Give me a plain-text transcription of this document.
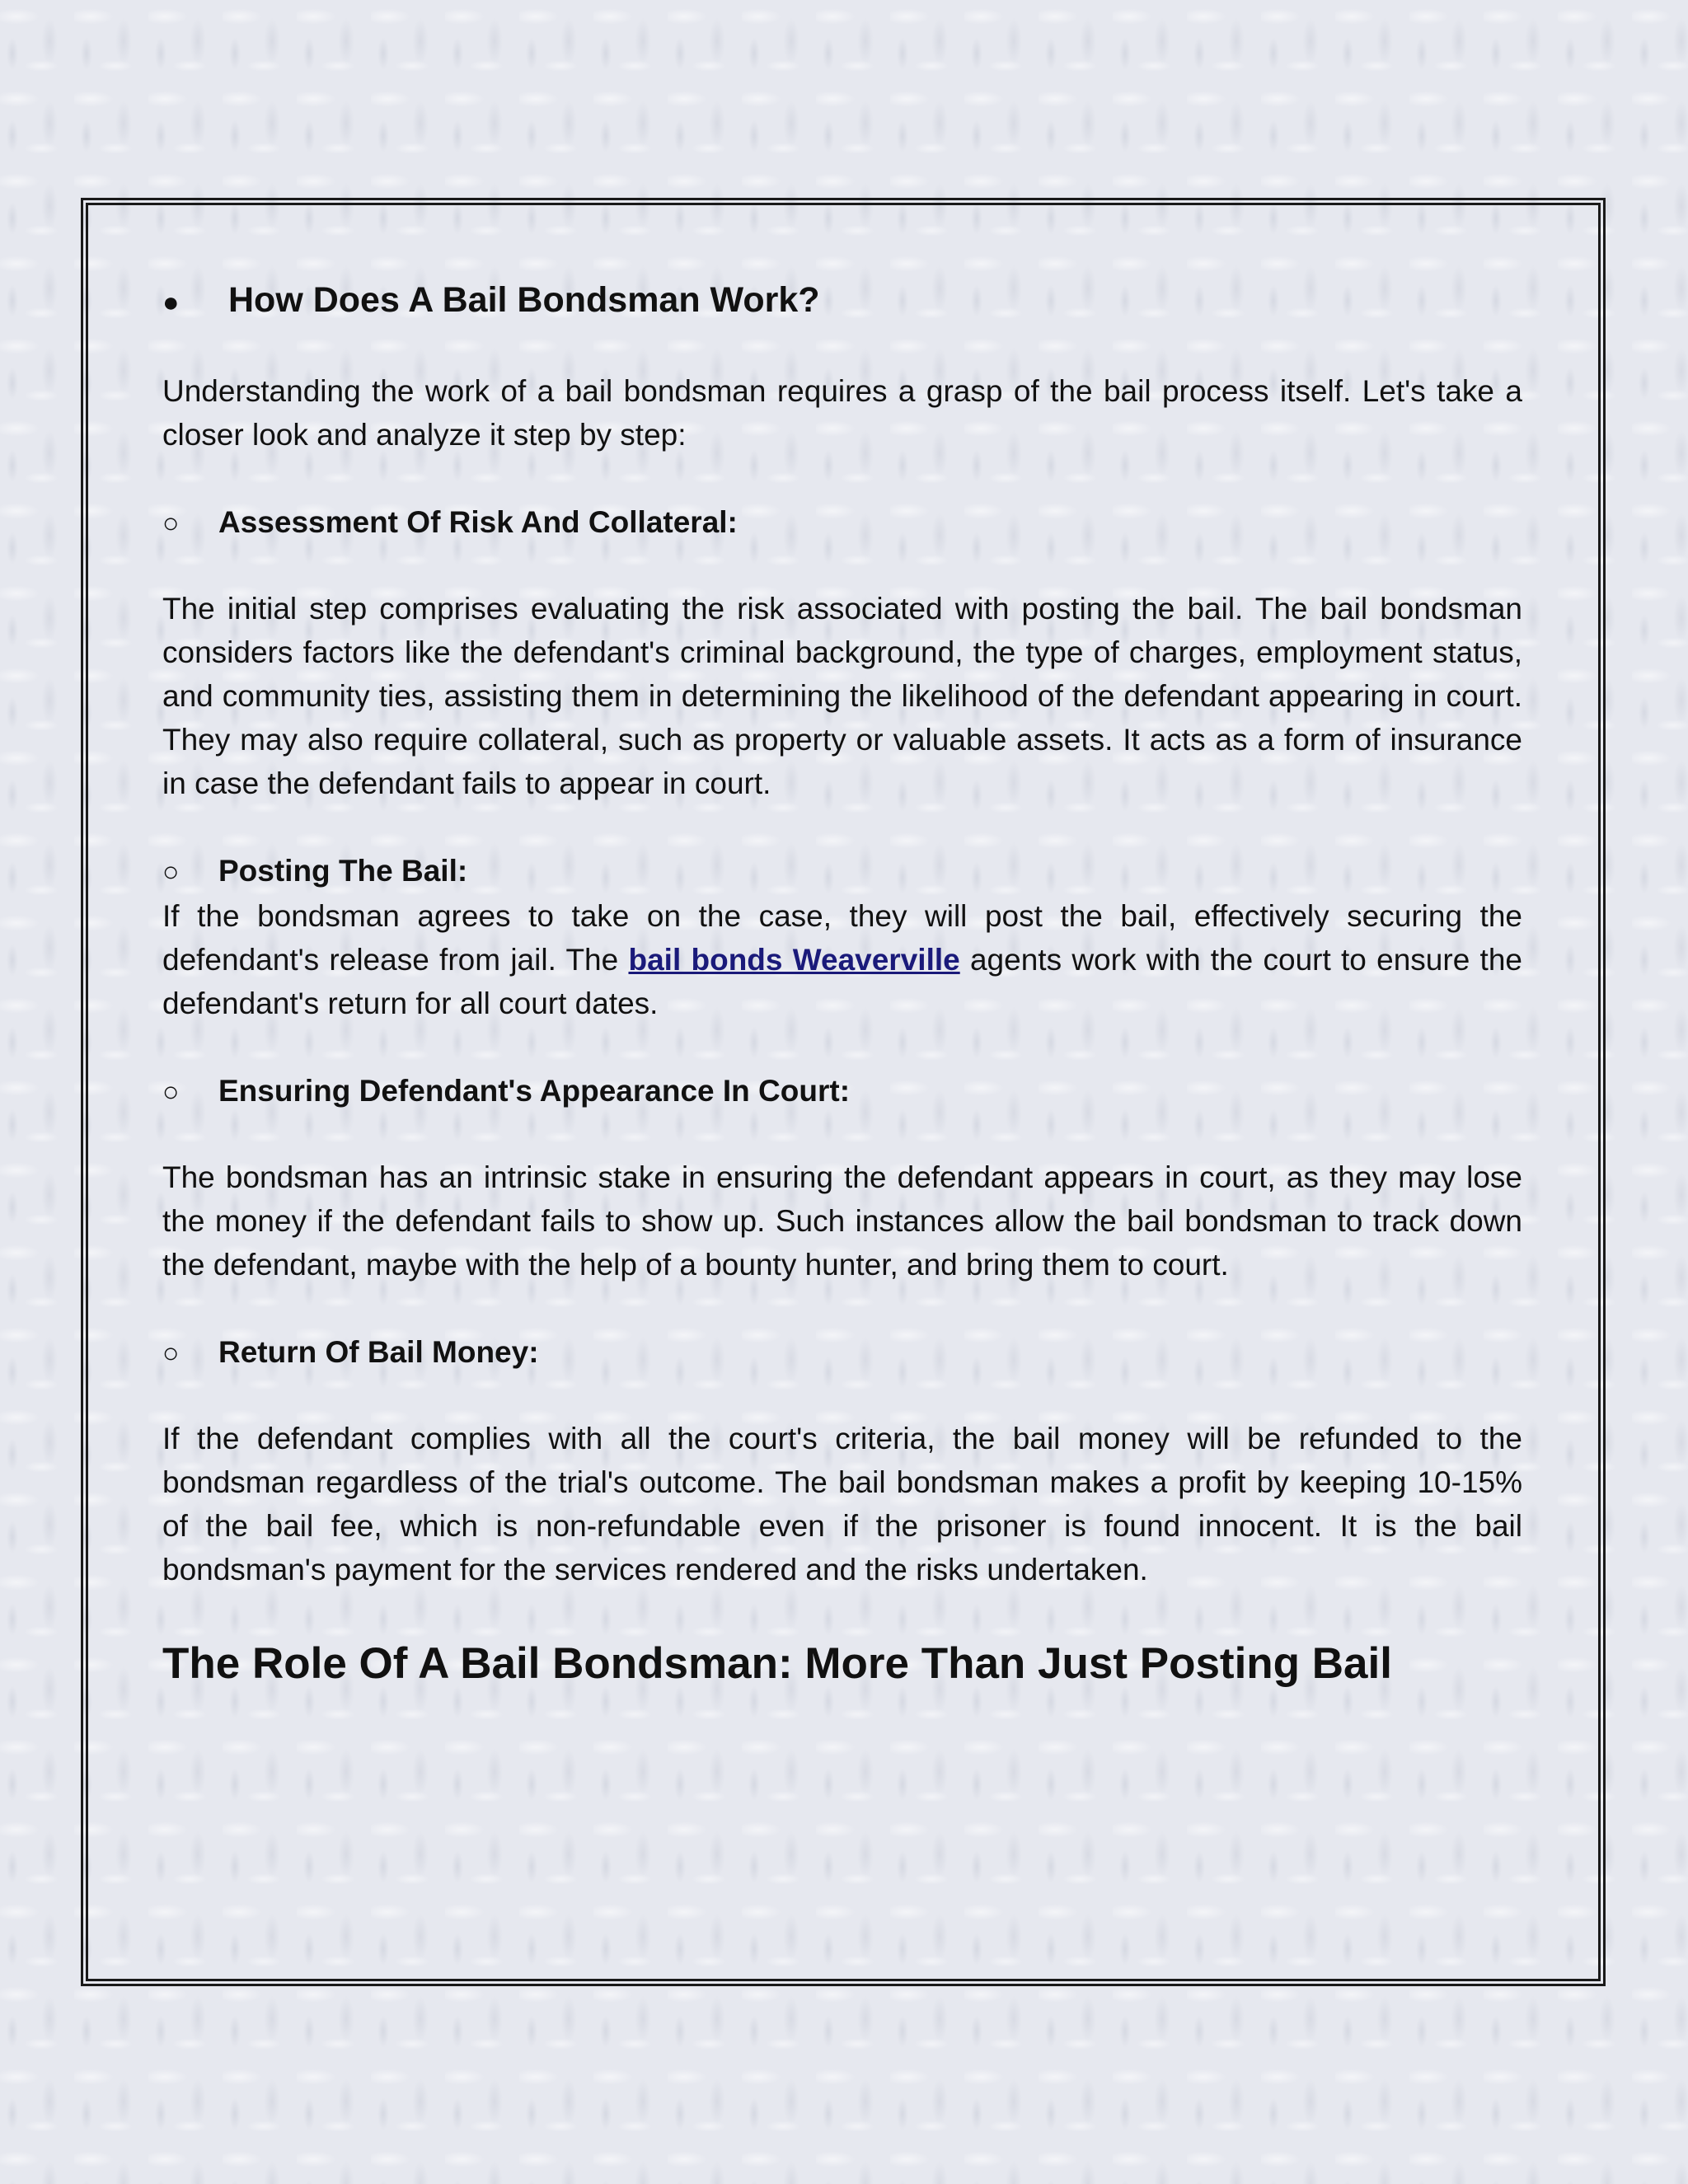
●	How Does A Bail Bondsman Work?

Understanding the work of a bail bondsman requires a grasp of the bail process itself. Let's take a closer look and analyze it step by step:

○	Assessment Of Risk And Collateral:

The initial step comprises evaluating the risk associated with posting the bail. The bail bondsman considers factors like the defendant's criminal background, the type of charges, employment status, and community ties, assisting them in determining the likelihood of the defendant appearing in court. They may also require collateral, such as property or valuable assets. It acts as a form of insurance in case the defendant fails to appear in court.

○	Posting The Bail:

If the bondsman agrees to take on the case, they will post the bail, effectively securing the defendant's release from jail. The bail bonds Weaverville agents work with the court to ensure the defendant's return for all court dates.

○	Ensuring Defendant's Appearance In Court:

The bondsman has an intrinsic stake in ensuring the defendant appears in court, as they may lose the money if the defendant fails to show up. Such instances allow the bail bondsman to track down the defendant, maybe with the help of a bounty hunter, and bring them to court.

○	Return Of Bail Money:

If the defendant complies with all the court's criteria, the bail money will be refunded to the bondsman regardless of the trial's outcome. The bail bondsman makes a profit by keeping 10-15% of the bail fee, which is non-refundable even if the prisoner is found innocent. It is the bail bondsman's payment for the services rendered and the risks undertaken.

The Role Of A Bail Bondsman: More Than Just Posting Bail
